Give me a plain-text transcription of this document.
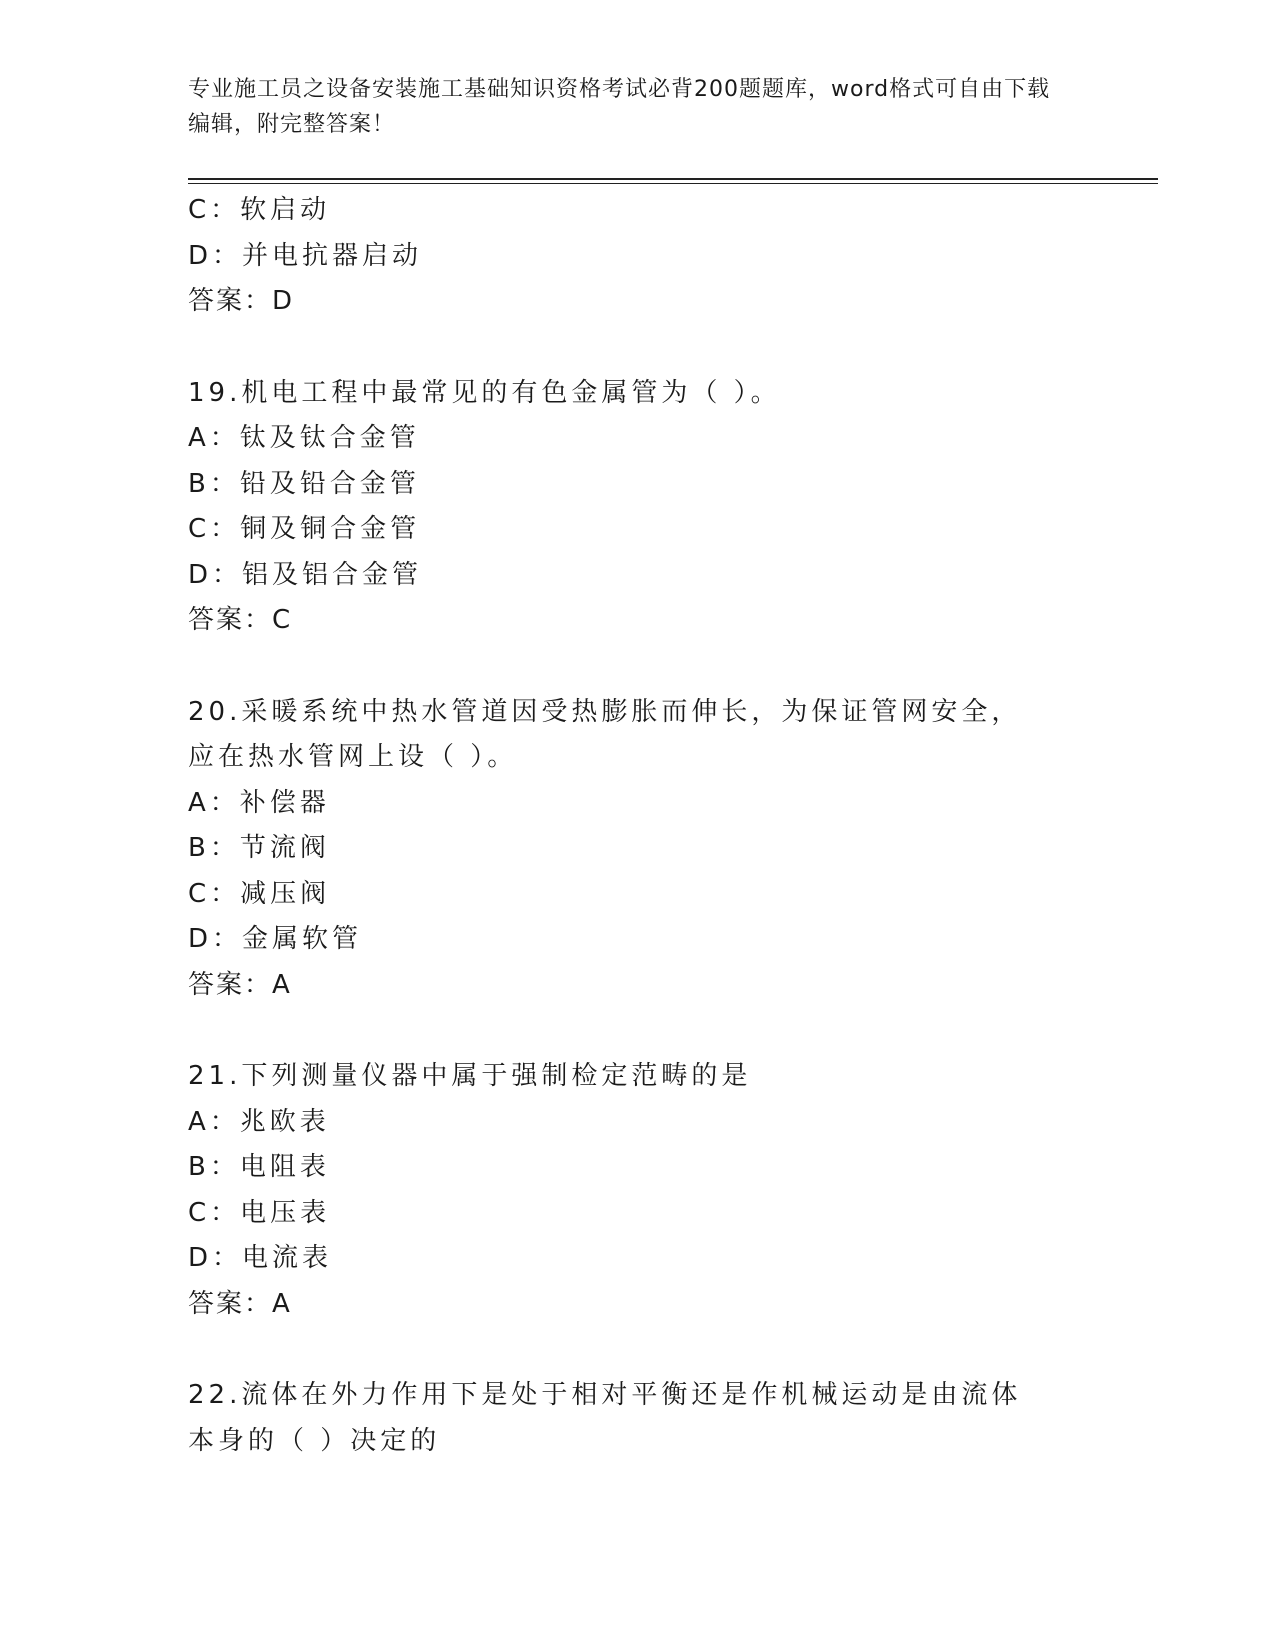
专业施工员之设备安装施工基础知识资格考试必背200题题库，word格式可自由下载编辑，附完整答案！
C：软启动
D：并电抗器启动
答案：D
19.机电工程中最常见的有色金属管为（ ）。
A：钛及钛合金管
B：铅及铅合金管
C：铜及铜合金管
D：铝及铝合金管
答案：C
20.采暖系统中热水管道因受热膨胀而伸长，为保证管网安全，应在热水管网上设（ ）。
A：补偿器
B：节流阀
C：减压阀
D：金属软管
答案：A
21.下列测量仪器中属于强制检定范畴的是
A：兆欧表
B：电阻表
C：电压表
D：电流表
答案：A
22.流体在外力作用下是处于相对平衡还是作机械运动是由流体本身的（ ）决定的
